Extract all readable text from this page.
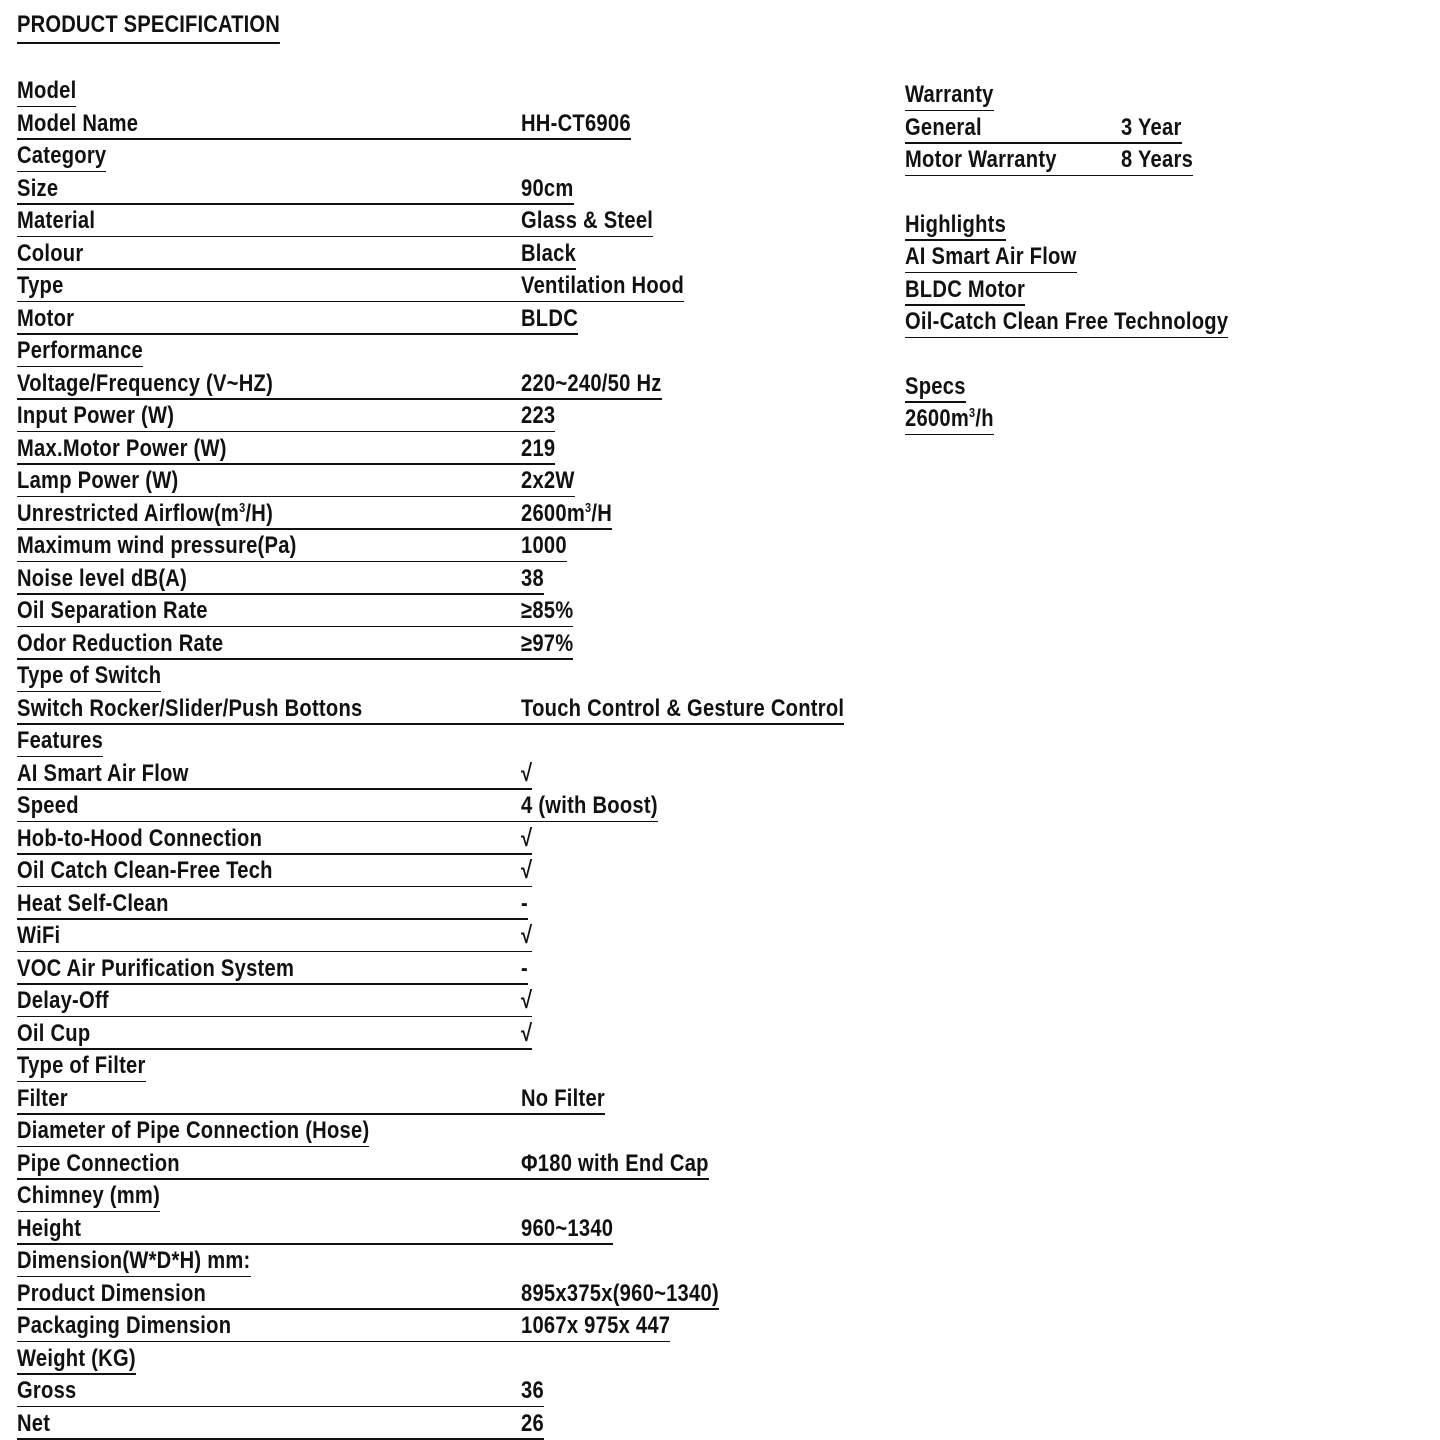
PRODUCT SPECIFICATION
Model
Model Name	HH-CT6906
Category
Size	90cm
Material	Glass & Steel
Colour	Black
Type	Ventilation Hood
Motor	BLDC
Performance
Voltage/Frequency (V~HZ)	220~240/50 Hz
Input Power (W)	223
Max.Motor Power (W)	219
Lamp Power (W)	2x2W
Unrestricted $Airflow(m^3/H)$	$2600m^3/H$
Maximum wind pressure(Pa)	1000
Noise level dB(A)	38
Oil Separation Rate	≥85%
Odor Reduction Rate	≥97%
Type of Switch
Switch Rocker/Slider/Push Bottons	Touch Control & Gesture Control
Features
AI Smart Air Flow	√
Speed	4 (with Boost)
Hob-to-Hood Connection	√
Oil Catch Clean-Free Tech	√
Heat Self-Clean	-
WiFi	√
VOC Air Purification System	-
Delay-Off	√
Oil Cup	√
Type of Filter
Filter	No Filter
Diameter of Pipe Connection (Hose)
Pipe Connection	Φ180 with End Cap
Chimney (mm)
Height	960~1340
Dimension(W*D*H) mm:
Product Dimension	895x375x(960~1340)
Packaging Dimension	1067x 975x 447
Weight (KG)
Gross	36
Net	26
Warranty
General	3 Year
Motor Warranty	8 Years
Highlights
AI Smart Air Flow
BLDC Motor
Oil-Catch Clean Free Technology
Specs
$2600m^3/h$
